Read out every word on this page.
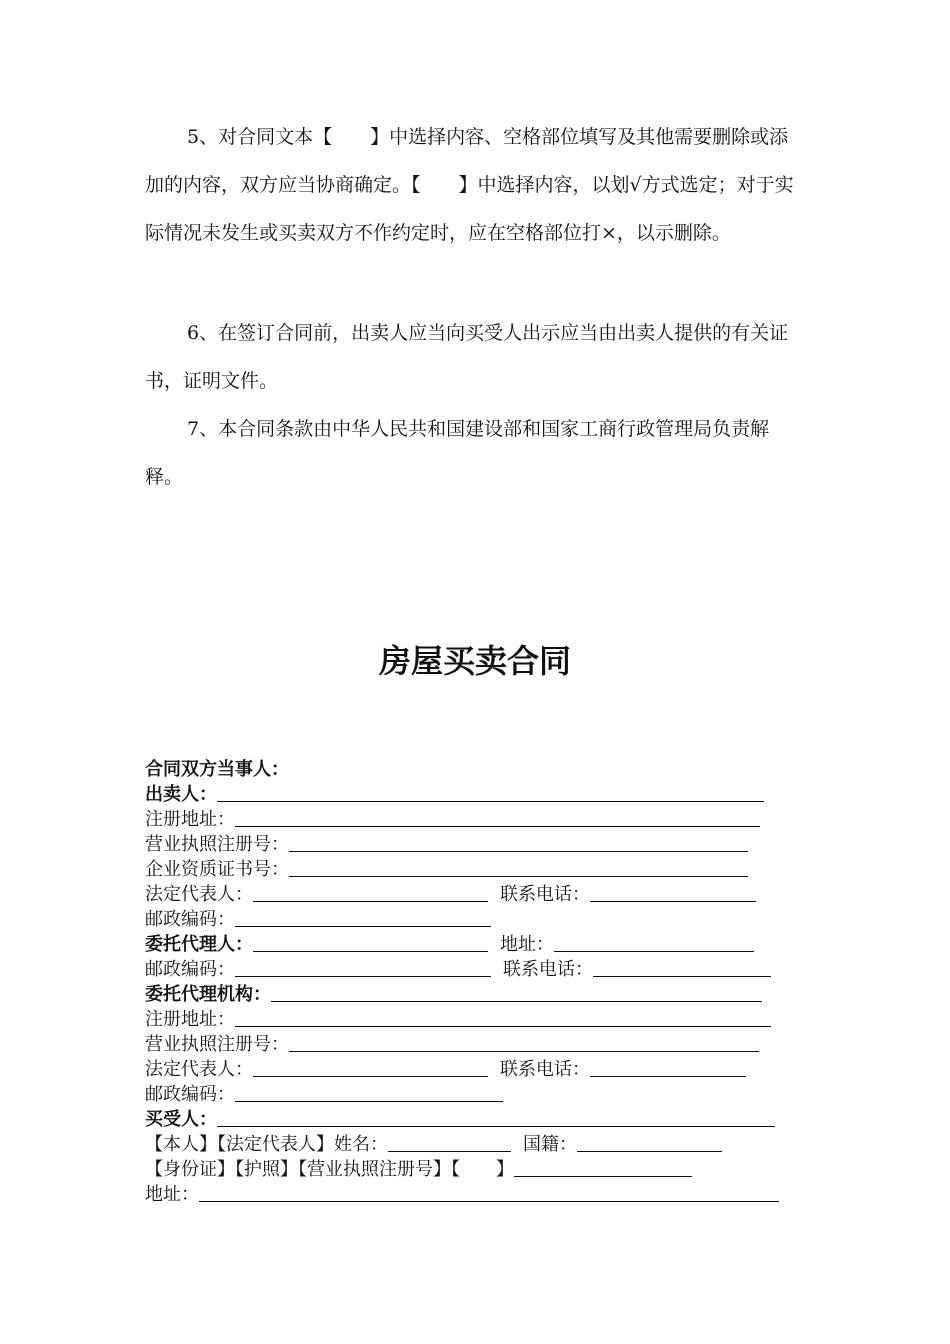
5、对合同文本【　　】中选择内容、空格部位填写及其他需要删除或添加的内容，双方应当协商确定。【　　】中选择内容，以划√方式选定；对于实际情况未发生或买卖双方不作约定时，应在空格部位打×，以示删除。

6、在签订合同前，出卖人应当向买受人出示应当由出卖人提供的有关证书，证明文件。

7、本合同条款由中华人民共和国建设部和国家工商行政管理局负责解释。

房屋买卖合同
合同双方当事人：
出卖人：
注册地址：
营业执照注册号：
企业资质证书号：
法定代表人：	联系电话：
邮政编码：
委托代理人：	地址：
邮政编码：	联系电话：
委托代理机构：
注册地址：
营业执照注册号：
法定代表人：	联系电话：
邮政编码：
买受人：
【本人】【法定代表人】姓名：	国籍：
【身份证】【护照】【营业执照注册号】【　　】
地址：
